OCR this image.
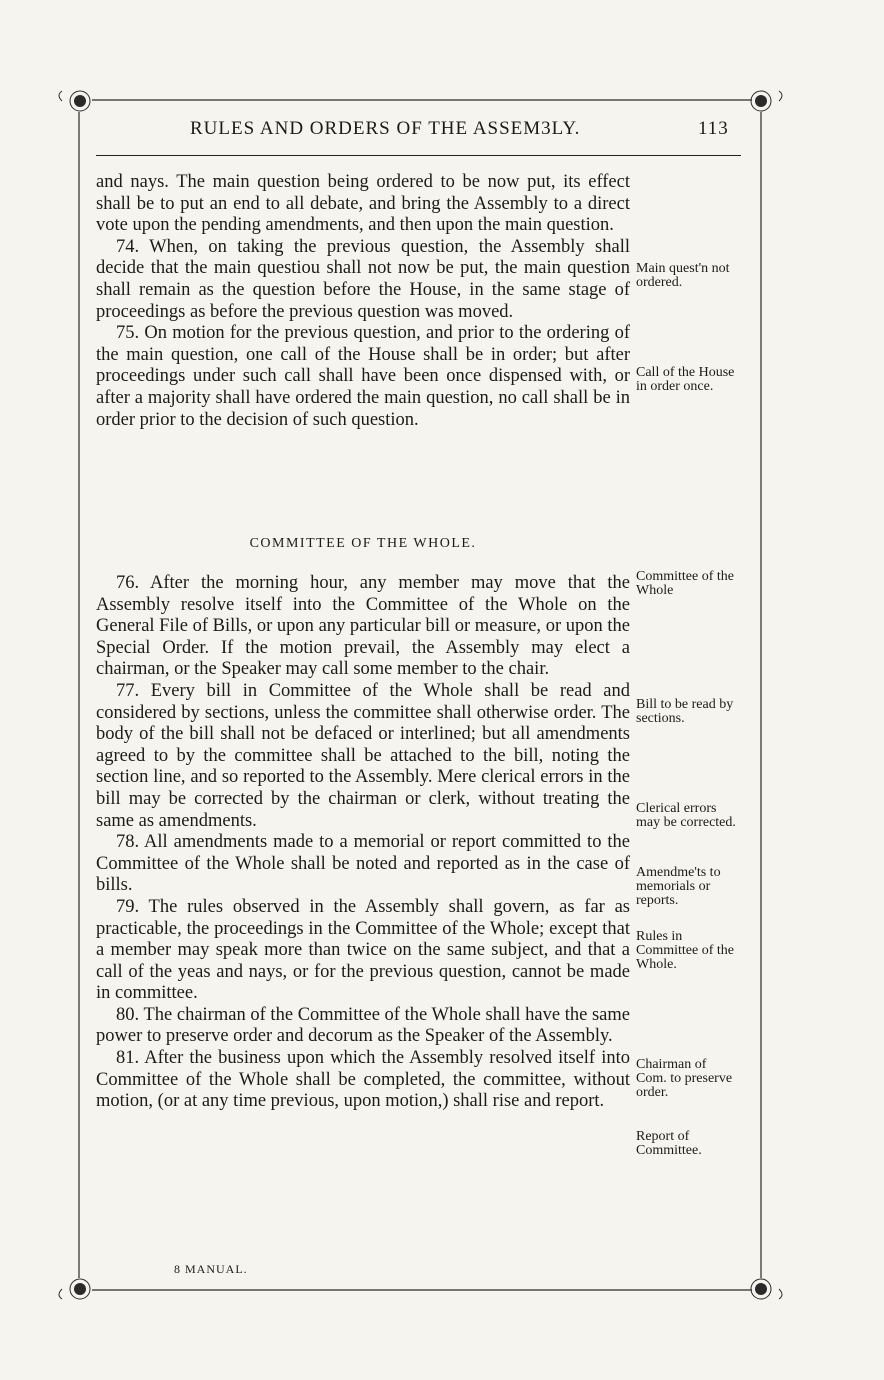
RULES AND ORDERS OF THE ASSEM3LY.	113

and nays. The main question being ordered to be now put, its effect shall be to put an end to all debate, and bring the Assembly to a direct vote upon the pending amendments, and then upon the main question.

74. When, on taking the previous question, the Assembly shall decide that the main questiou shall not now be put, the main question shall remain as the question before the House, in the same stage of proceedings as before the previous question was moved.

75. On motion for the previous question, and prior to the ordering of the main question, one call of the House shall be in order; but after proceedings under such call shall have been once dispensed with, or after a majority shall have ordered the main question, no call shall be in order prior to the decision of such question.

COMMITTEE OF THE WHOLE.

76. After the morning hour, any member may move that the Assembly resolve itself into the Committee of the Whole on the General File of Bills, or upon any particular bill or measure, or upon the Special Order. If the motion prevail, the Assembly may elect a chairman, or the Speaker may call some member to the chair.

77. Every bill in Committee of the Whole shall be read and considered by sections, unless the committee shall otherwise order. The body of the bill shall not be defaced or interlined; but all amendments agreed to by the committee shall be attached to the bill, noting the section line, and so reported to the Assembly. Mere clerical errors in the bill may be corrected by the chairman or clerk, without treating the same as amendments.

78. All amendments made to a memorial or report committed to the Committee of the Whole shall be noted and reported as in the case of bills.

79. The rules observed in the Assembly shall govern, as far as practicable, the proceedings in the Committee of the Whole; except that a member may speak more than twice on the same subject, and that a call of the yeas and nays, or for the previous question, cannot be made in committee.

80. The chairman of the Committee of the Whole shall have the same power to preserve order and decorum as the Speaker of the Assembly.

81. After the business upon which the Assembly resolved itself into Committee of the Whole shall be completed, the committee, without motion, (or at any time previous, upon motion,) shall rise and report.

Main quest'n not ordered.
Call of the House in order once.
Committee of the Whole
Bill to be read by sections.
Clerical errors may be corrected.
Amendme'ts to memorials or reports.
Rules in Committee of the Whole.
Chairman of Com. to preserve order.
Report of Committee.
8 MANUAL.
